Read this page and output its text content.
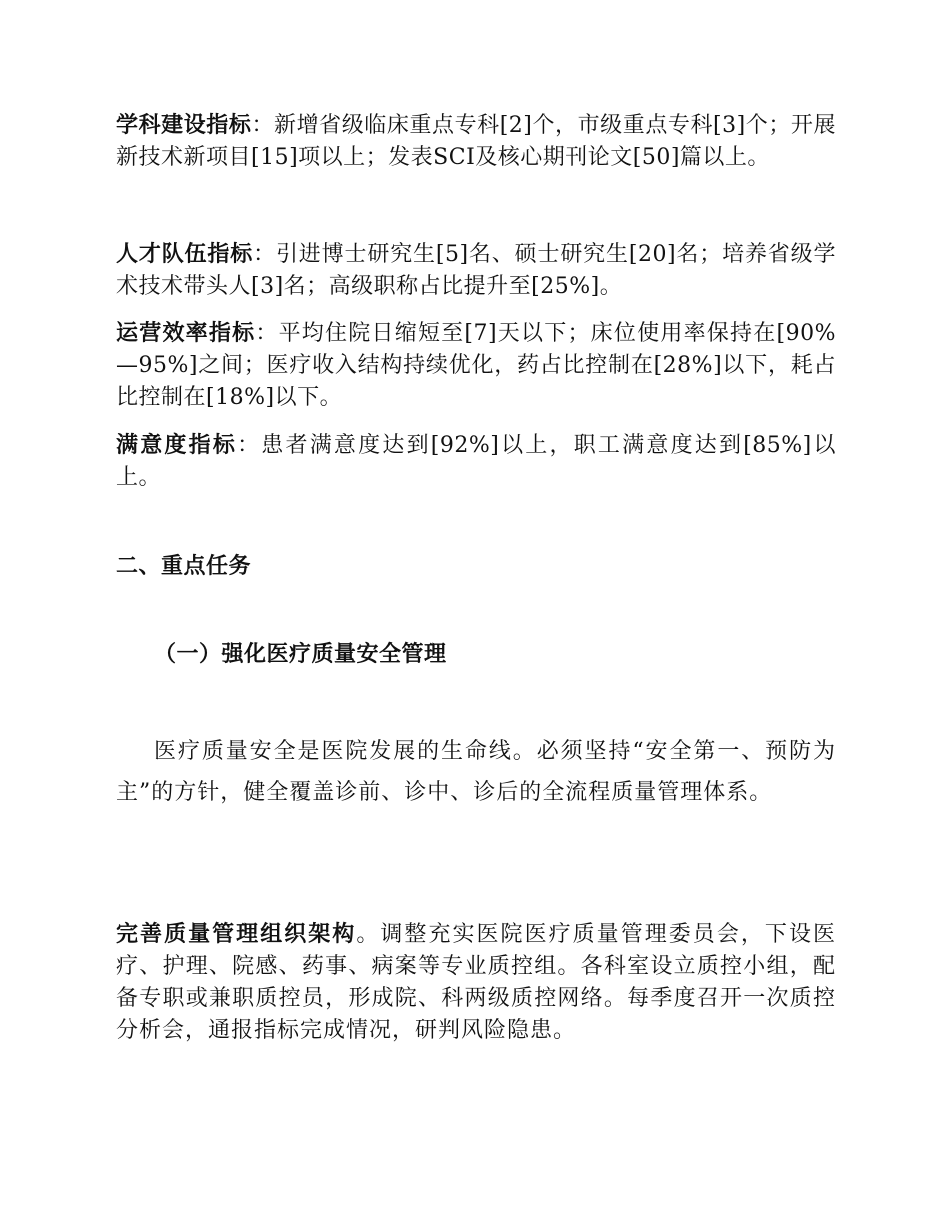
学科建设指标：新增省级临床重点专科[2]个，市级重点专科[3]个；开展新技术新项目[15]项以上；发表SCI及核心期刊论文[50]篇以上。

人才队伍指标：引进博士研究生[5]名、硕士研究生[20]名；培养省级学术技术带头人[3]名；高级职称占比提升至[25%]。

运营效率指标：平均住院日缩短至[7]天以下；床位使用率保持在[90%—95%]之间；医疗收入结构持续优化，药占比控制在[28%]以下，耗占比控制在[18%]以下。

满意度指标：患者满意度达到[92%]以上，职工满意度达到[85%]以上。

二、重点任务
（一）强化医疗质量安全管理

医疗质量安全是医院发展的生命线。必须坚持“安全第一、预防为主”的方针，健全覆盖诊前、诊中、诊后的全流程质量管理体系。

完善质量管理组织架构。调整充实医院医疗质量管理委员会，下设医疗、护理、院感、药事、病案等专业质控组。各科室设立质控小组，配备专职或兼职质控员，形成院、科两级质控网络。每季度召开一次质控分析会，通报指标完成情况，研判风险隐患。
